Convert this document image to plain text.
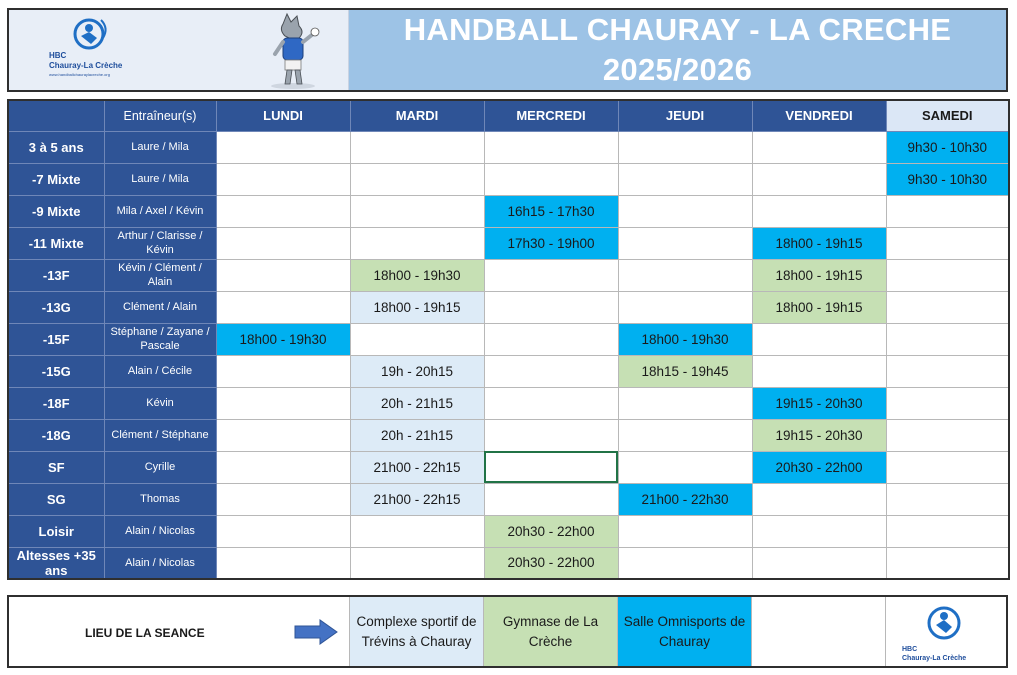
HBC
Chauray-La Crèche
www.handballchauraylacreche.org
HANDBALL CHAURAY - LA CRECHE
2025/2026
	Entraîneur(s)	LUNDI	MARDI	MERCREDI	JEUDI	VENDREDI	SAMEDI
3 à 5 ans	Laure / Mila						9h30 - 10h30
-7 Mixte	Laure / Mila						9h30 - 10h30
-9 Mixte	Mila / Axel / Kévin			16h15 - 17h30			
-11 Mixte	Arthur / Clarisse / Kévin			17h30 - 19h00		18h00 - 19h15	
-13F	Kévin / Clément / Alain		18h00 - 19h30			18h00 - 19h15	
-13G	Clément / Alain		18h00 - 19h15			18h00 - 19h15	
-15F	Stéphane / Zayane / Pascale	18h00 - 19h30			18h00 - 19h30		
-15G	Alain / Cécile		19h - 20h15		18h15 - 19h45		
-18F	Kévin		20h - 21h15			19h15 - 20h30	
-18G	Clément / Stéphane		20h - 21h15			19h15 - 20h30	
SF	Cyrille		21h00 - 22h15			20h30 - 22h00	
SG	Thomas		21h00 - 22h15		21h00 - 22h30		
Loisir	Alain / Nicolas			20h30 - 22h00			
Altesses +35 ans	Alain / Nicolas			20h30 - 22h00			
LIEU DE LA SEANCE
Complexe sportif de Trévins à Chauray
Gymnase de La Crèche
Salle Omnisports de Chauray
HBC
Chauray-La Crèche
